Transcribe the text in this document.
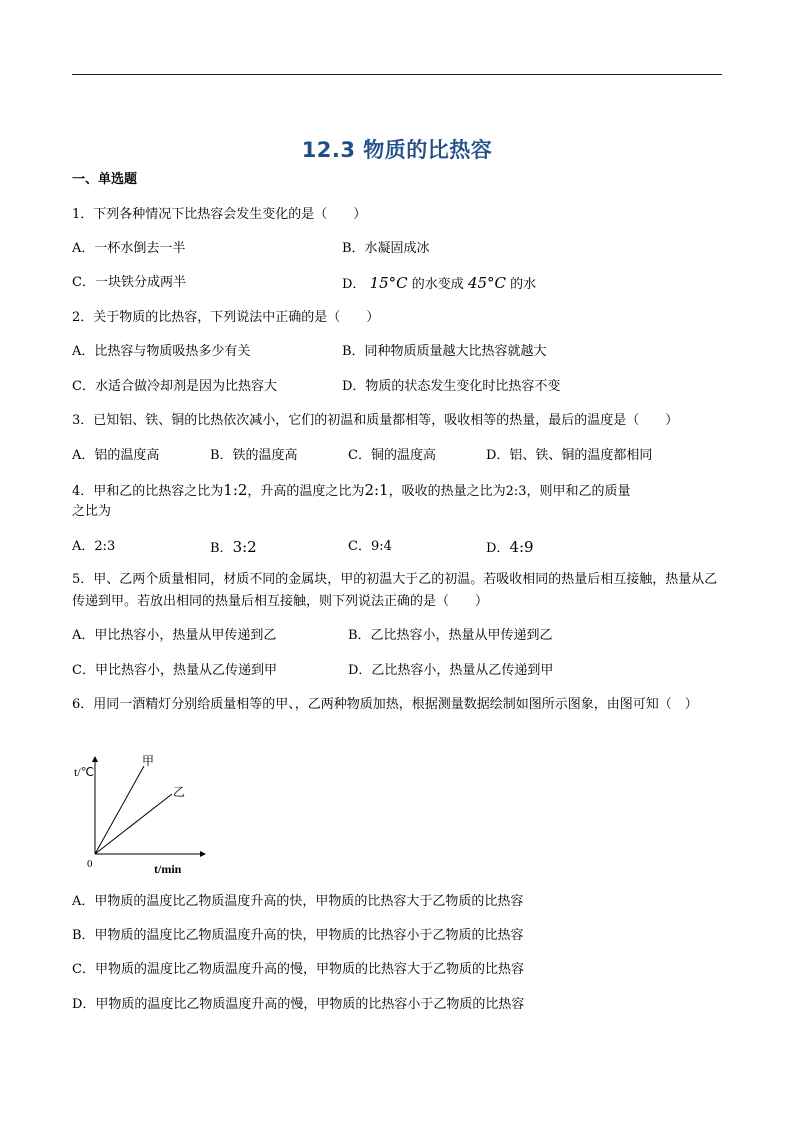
12.3 物质的比热容
一、单选题
1．下列各种情况下比热容会发生变化的是（　　）
A．一杯水倒去一半	B．水凝固成冰
C．一块铁分成两半	D． 15°C 的水变成 45°C 的水
2．关于物质的比热容，下列说法中正确的是（　　）
A．比热容与物质吸热多少有关	B．同种物质质量越大比热容就越大
C．水适合做冷却剂是因为比热容大	D．物质的状态发生变化时比热容不变
3．已知铝、铁、铜的比热依次减小，它们的初温和质量都相等，吸收相等的热量，最后的温度是（　　）
A．铝的温度高	B．铁的温度高	C．铜的温度高	D．铝、铁、铜的温度都相同
4．甲和乙的比热容之比为1:2，升高的温度之比为2:1，吸收的热量之比为2:3，则甲和乙的质量
之比为
A．2:3	B．3:2	C．9:4	D．4:9
5．甲、乙两个质量相同，材质不同的金属块，甲的初温大于乙的初温。若吸收相同的热量后相互接触，热量从乙传递到甲。若放出相同的热量后相互接触，则下列说法正确的是（　　）
A．甲比热容小，热量从甲传递到乙	B．乙比热容小，热量从甲传递到乙
C．甲比热容小，热量从乙传递到甲	D．乙比热容小，热量从乙传递到甲
6．用同一酒精灯分别给质量相等的甲、，乙两种物质加热，根据测量数据绘制如图所示图象，由图可知（　）
t/℃
0	t/min
甲
乙
A．甲物质的温度比乙物质温度升高的快，甲物质的比热容大于乙物质的比热容
B．甲物质的温度比乙物质温度升高的快，甲物质的比热容小于乙物质的比热容
C．甲物质的温度比乙物质温度升高的慢，甲物质的比热容大于乙物质的比热容
D．甲物质的温度比乙物质温度升高的慢，甲物质的比热容小于乙物质的比热容
